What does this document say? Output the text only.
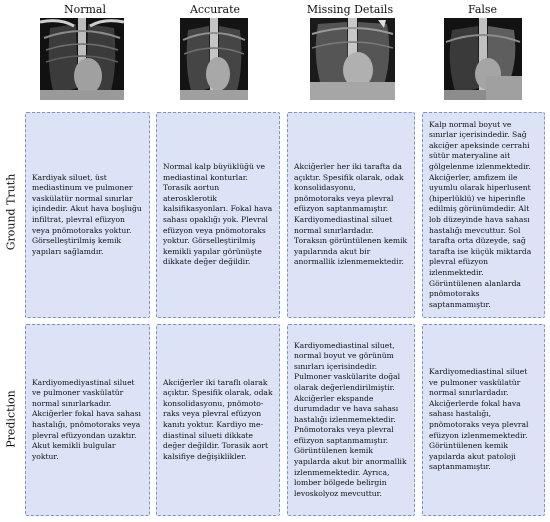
Normal	Accurate	Missing Details	False
Ground Truth
Prediction

Kardiyak siluet, üst mediastinum ve pulmoner vaskülatür normal sınırlar içindedir. Akut hava boşluğu infiltrat, plevral efüzyon veya pnömotoraks yoktur. Görselleştirilmiş kemik yapıları sağlamdır.

Normal kalp büyüklüğü ve mediastinal konturlar. Torasik aortun aterosklerotik kalsifikasyonları. Fokal hava sahası opaklığı yok. Plevral efüzyon veya pnömotoraks yoktur. Görselleştirilmiş kemikli yapılar görünüşte dikkate değer değildir.

Akciğerler her iki tarafta da açıktır. Spesifik olarak, odak konsolidasyonu, pnömotoraks veya plevral efüzyon saptanmamıştır. Kardiyomediastinal siluet normal sınırlardadır. Toraksın görüntülenen kemik yapılarında akut bir anormallik izlenmemektedir.

Kalp normal boyut ve sınırlar içerisindedir. Sağ akciğer apeksinde cerrahi sütür materyaline ait gölgelenme izlenmektedir. Akciğerler, amfizem ile uyumlu olarak hiperlusent (hiperlüklü) ve hiperinfle edilmiş görünümdedir. Alt lob düzeyinde hava sahası hastalığı mevcuttur. Sol tarafta orta düzeyde, sağ tarafta ise küçük miktarda plevral efüzyon izlenmektedir. Görüntülenen alanlarda pnömotoraks saptanmamıştır.

Kardiyomediyastinal siluet ve pulmoner vaskülatür normal sınırlarkadır. Akciğerler fokal hava sahası hastalığı, pnömotoraks veya plevral efüzyondan uzaktır. Akut kemikli bulgular yoktur.

Akciğerler iki taraflı olarak açıktır. Spesifik olarak, odak konsolidasyonu, pnömoto-raks veya plevral efüzyon kanıtı yoktur. Kardiyo me-diastinal silueti dikkate değer değildir. Torasik aort kalsifiye değişiklikler.

Kardiyomediastinal siluet, normal boyut ve görünüm sınırları içerisindedir. Pulmoner vaskülarite doğal olarak değerlendirilmiştir. Akciğerler ekspande durumdadır ve hava sahası hastalığı izlenmemektedir. Pnömotoraks veya plevral efüzyon saptanmamıştır. Görüntülenen kemik yapılarda akut bir anormallik izlenmemektedir. Ayrıca, lomber bölgede belirgin levoskolyoz mevcuttur.

Kardiyomediastinal siluet ve pulmoner vaskülatür normal sınırlardadır. Akciğerlerde fokal hava sahası hastalığı, pnömotoraks veya plevral efüzyon izlenmemektedir. Görüntülenen kemik yapılarda akut patoloji saptanmamıştır.
